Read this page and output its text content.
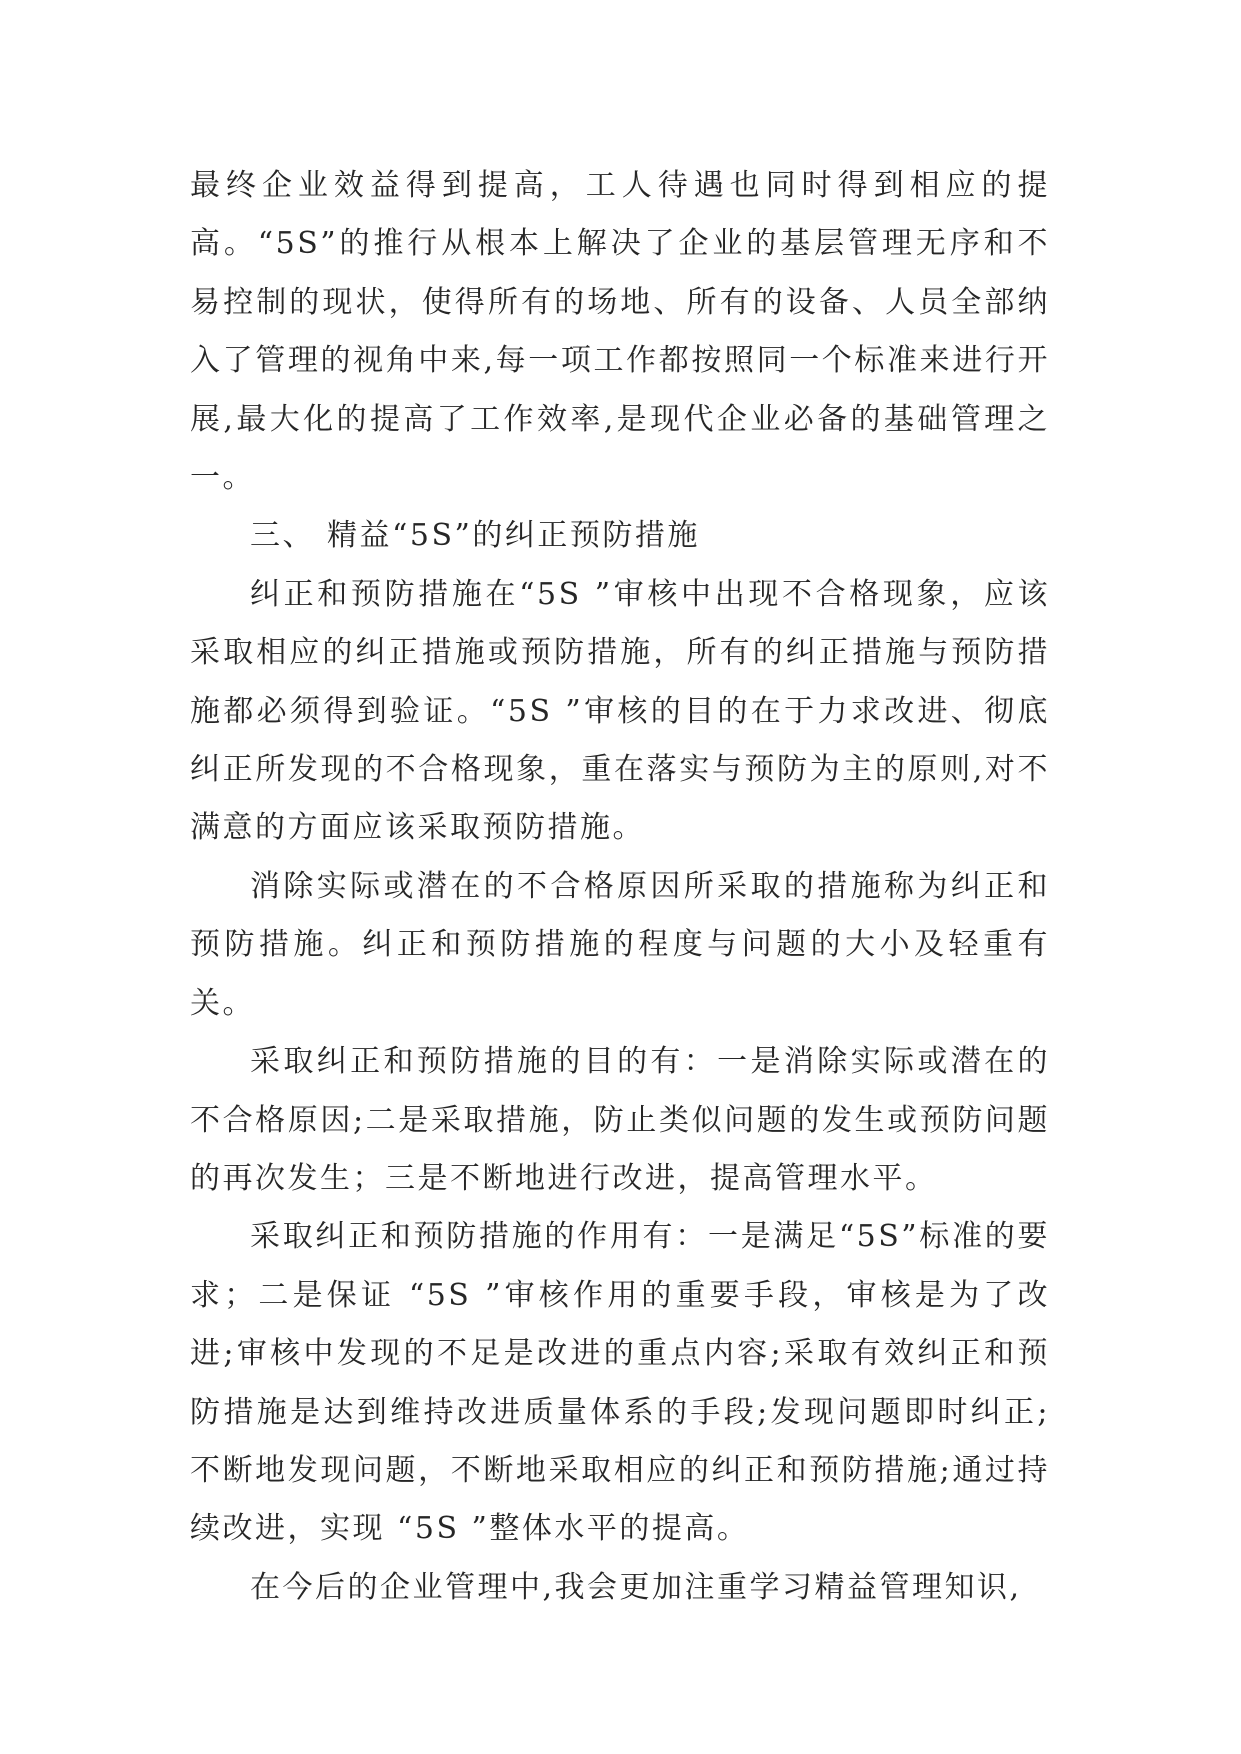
最终企业效益得到提高，工人待遇也同时得到相应的提高。“5S”的推行从根本上解决了企业的基层管理无序和不易控制的现状，使得所有的场地、所有的设备、人员全部纳入了管理的视角中来,每一项工作都按照同一个标准来进行开展,最大化的提高了工作效率,是现代企业必备的基础管理之一。

三、 精益“5S”的纠正预防措施

纠正和预防措施在“5S ”审核中出现不合格现象，应该采取相应的纠正措施或预防措施，所有的纠正措施与预防措施都必须得到验证。“5S ”审核的目的在于力求改进、彻底纠正所发现的不合格现象，重在落实与预防为主的原则,对不满意的方面应该采取预防措施。

消除实际或潜在的不合格原因所采取的措施称为纠正和预防措施。纠正和预防措施的程度与问题的大小及轻重有关。

采取纠正和预防措施的目的有：一是消除实际或潜在的不合格原因;二是采取措施，防止类似问题的发生或预防问题的再次发生；三是不断地进行改进，提高管理水平。

采取纠正和预防措施的作用有：一是满足“5S”标准的要求；二是保证 “5S ”审核作用的重要手段，审核是为了改进;审核中发现的不足是改进的重点内容;采取有效纠正和预防措施是达到维持改进质量体系的手段;发现问题即时纠正;不断地发现问题，不断地采取相应的纠正和预防措施;通过持续改进，实现 “5S ”整体水平的提高。

在今后的企业管理中,我会更加注重学习精益管理知识,
